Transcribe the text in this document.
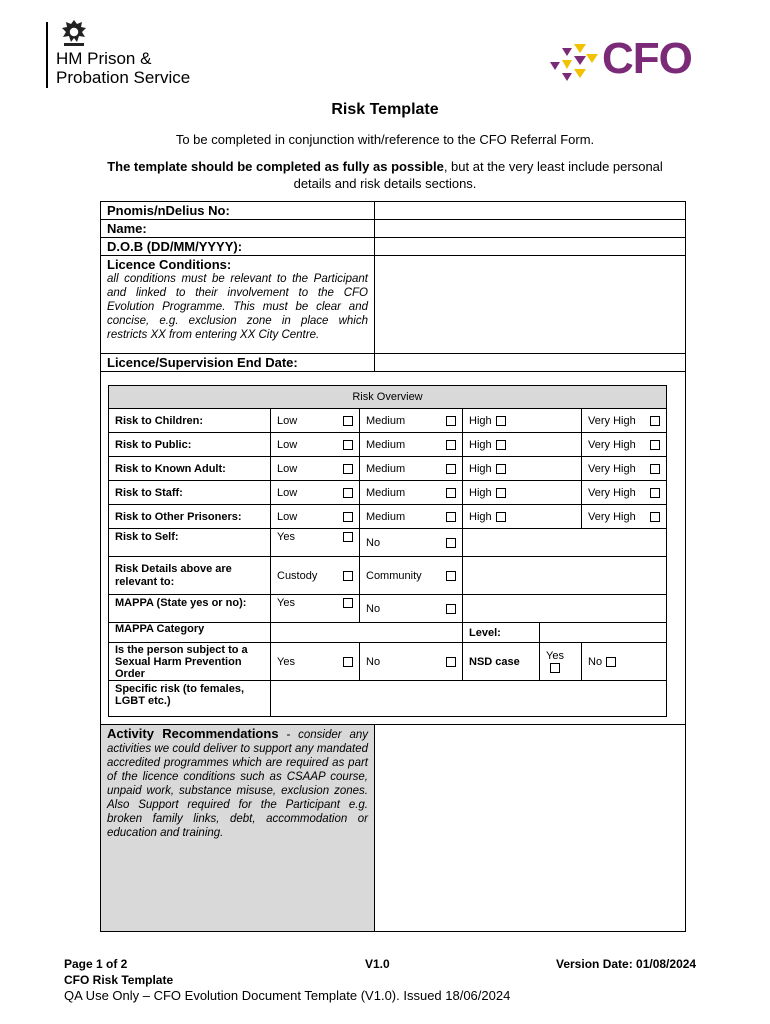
HM Prison &
Probation Service	CFO
Risk Template
To be completed in conjunction with/reference to the CFO Referral Form.
The template should be completed as fully as possible, but at the very least include personal details and risk details sections.
Pnomis/nDelius No:
Name:
D.O.B (DD/MM/YYYY):
Licence Conditions:
all conditions must be relevant to the Participant and linked to their involvement to the CFO Evolution Programme. This must be clear and concise, e.g. exclusion zone in place which restricts XX from entering XX City Centre.
Licence/Supervision End Date:
Risk Overview					
Risk to Children:	Low	Medium	High		Very High

Risk to Public:	Low	Medium	High		Very High

Risk to Known Adult:	Low	Medium	High		Very High

Risk to Staff:	Low	Medium	High		Very High

Risk to Other Prisoners:	Low	Medium	High		Very High

Risk to Self:	Yes	No			

Risk Details above are relevant to:	Custody	Community			

MAPPA (State yes or no):	Yes	No			

MAPPA Category			Level:		
Is the person subject to a Sexual Harm Prevention Order	Yes	No	NSD case	Yes	No

Specific risk (to females, LGBT etc.)					
Activity Recommendations - consider any activities we could deliver to support any mandated accredited programmes which are required as part of the licence conditions such as CSAAP course, unpaid work, substance misuse, exclusion zones. Also Support required for the Participant e.g. broken family links, debt, accommodation or education and training.
Page 1 of 2	V1.0	Version Date: 01/08/2024
CFO Risk Template
QA Use Only – CFO Evolution Document Template (V1.0). Issued 18/06/2024
